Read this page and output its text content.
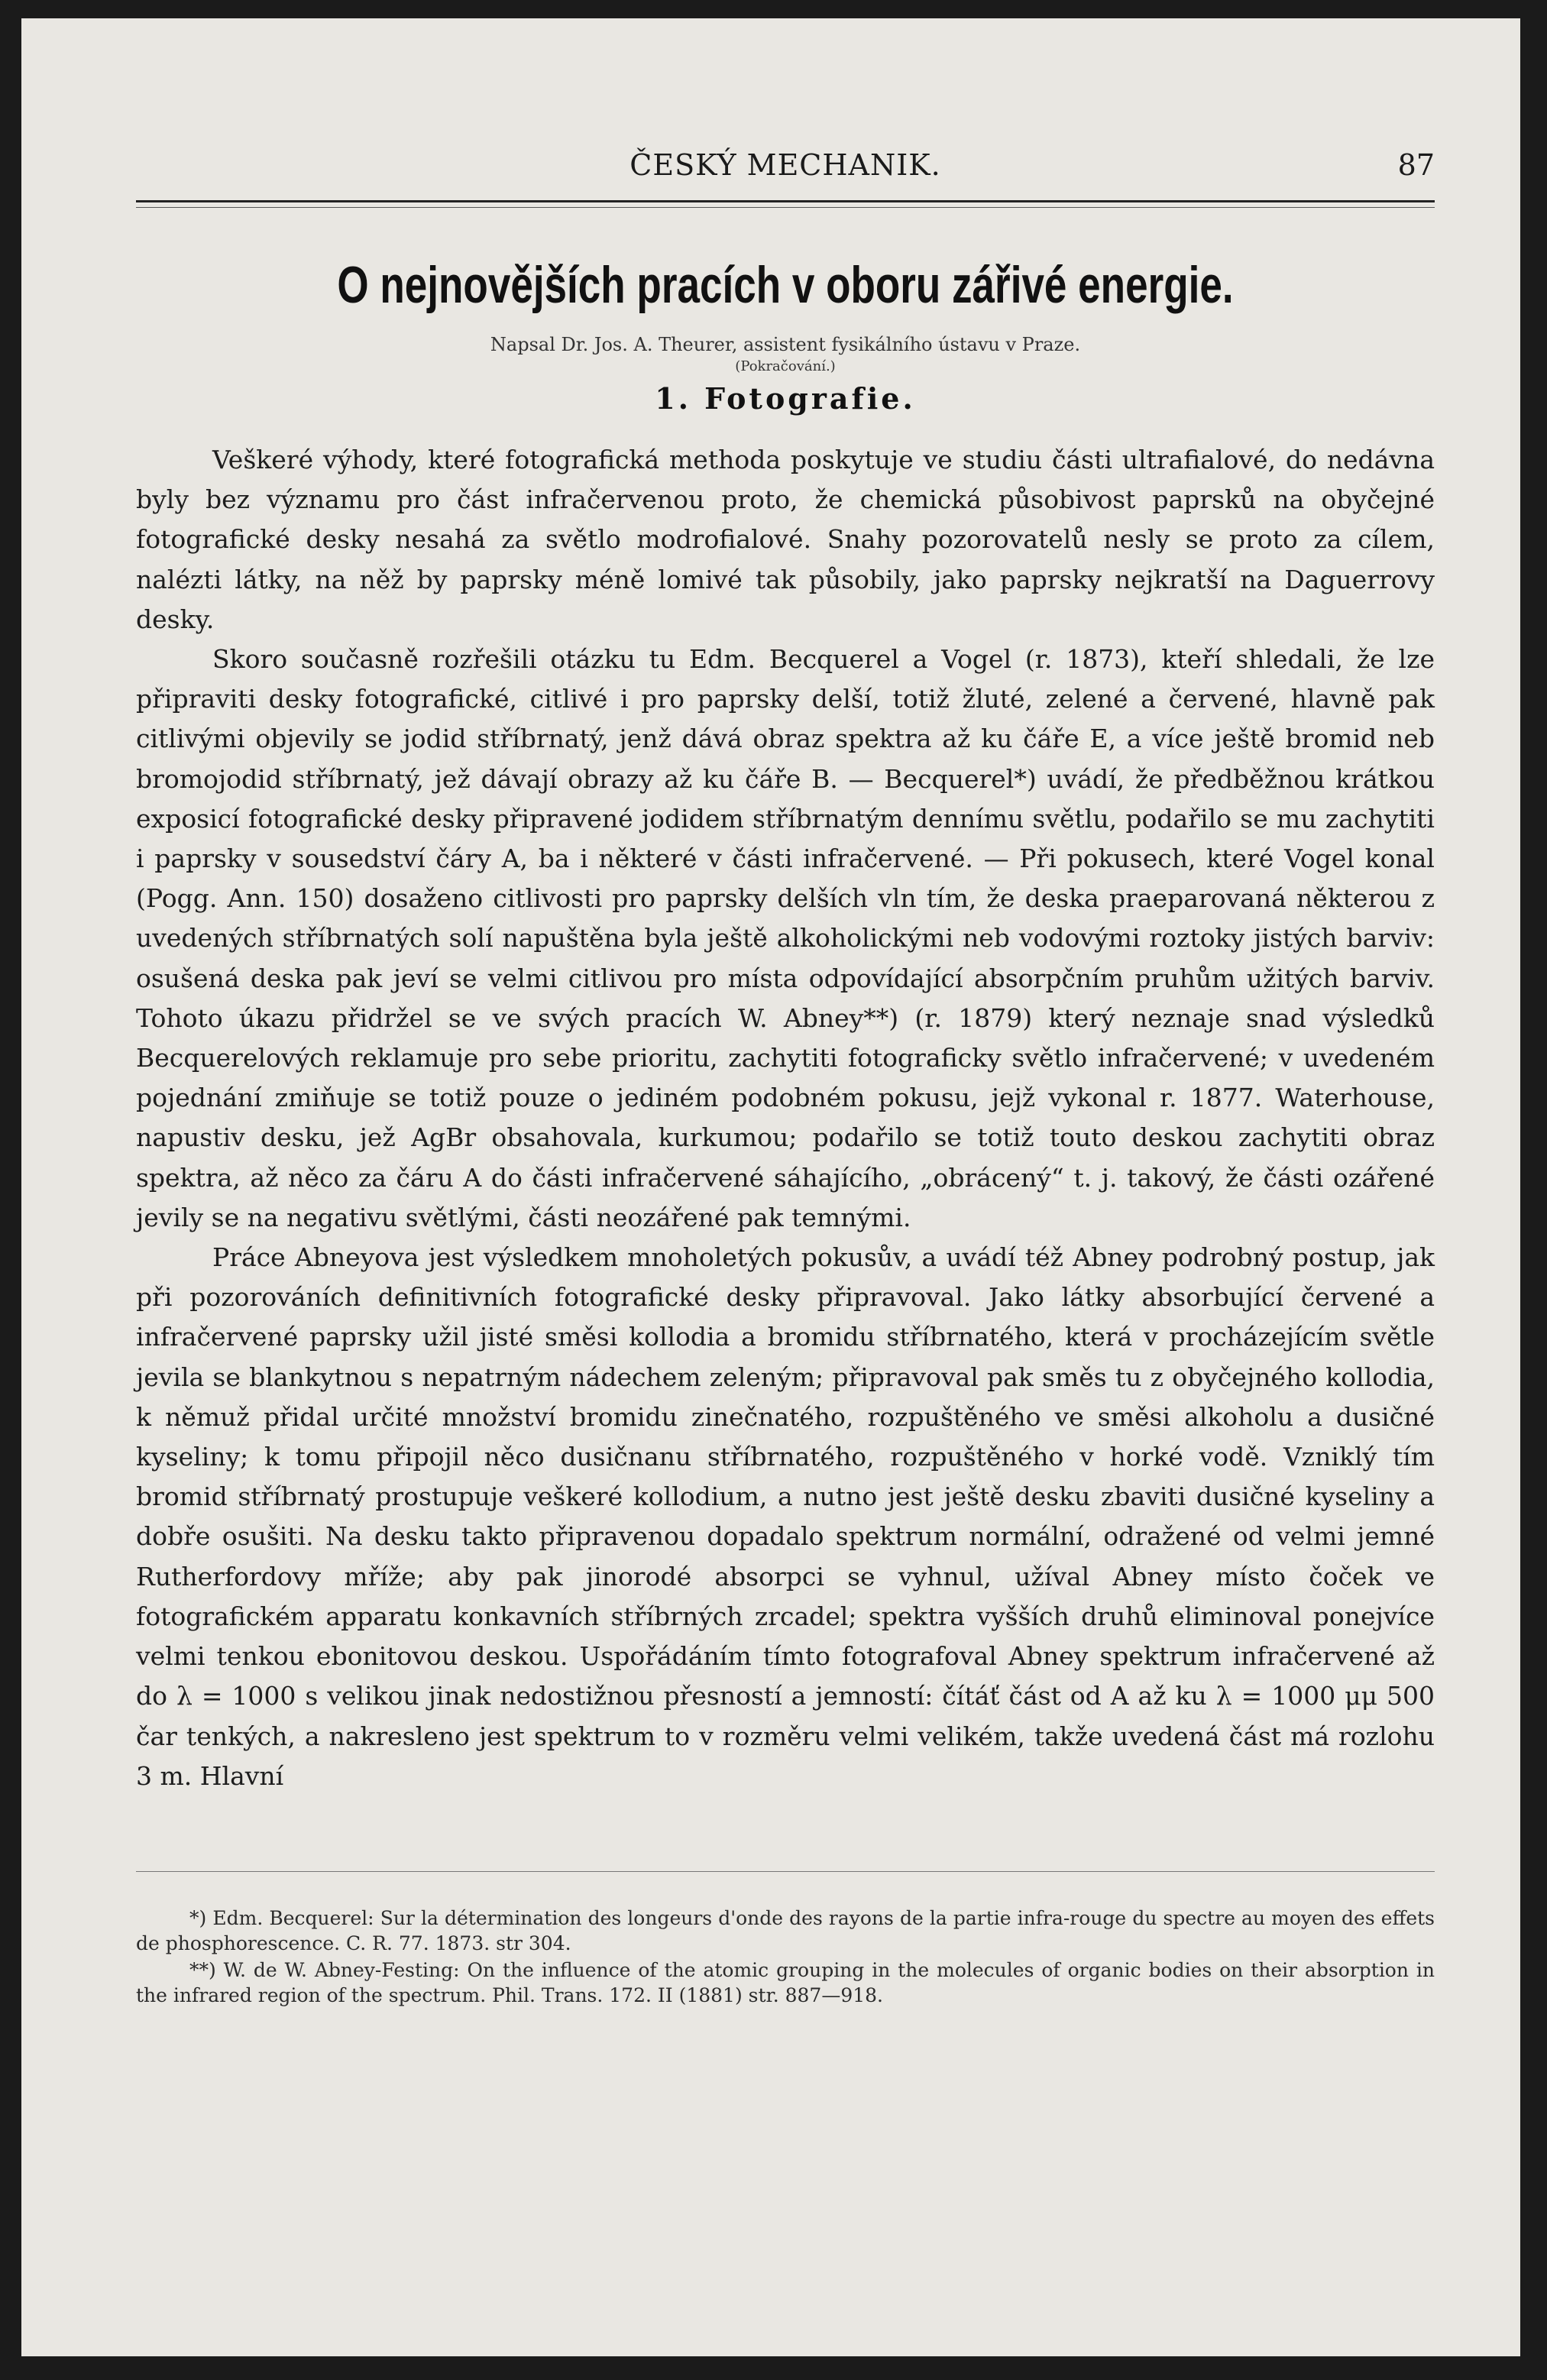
ČESKÝ MECHANIK.	87
O nejnovějších pracích v oboru zářivé energie.
Napsal Dr. Jos. A. Theurer, assistent fysikálního ústavu v Praze.
(Pokračování.)
1. Fotografie.

Veškeré výhody, které fotografická methoda poskytuje ve studiu části ultrafialové, do nedávna byly bez významu pro část infračervenou proto, že chemická působivost paprsků na obyčejné fotografické desky nesahá za světlo modrofialové. Snahy pozorovatelů nesly se proto za cílem, nalézti látky, na něž by paprsky méně lomivé tak působily, jako paprsky nejkratší na Daguerrovy desky.

Skoro současně rozřešili otázku tu Edm. Becquerel a Vogel (r. 1873), kteří shledali, že lze připraviti desky fotografické, citlivé i pro paprsky delší, totiž žluté, zelené a červené, hlavně pak citlivými objevily se jodid stříbrnatý, jenž dává obraz spektra až ku čáře E, a více ještě bromid neb bromojodid stříbrnatý, jež dávají obrazy až ku čáře B. — Becquerel*) uvádí, že předběžnou krátkou exposicí fotografické desky připravené jodidem stříbrnatým dennímu světlu, podařilo se mu zachytiti i paprsky v sousedství čáry A, ba i některé v části infračervené. — Při pokusech, které Vogel konal (Pogg. Ann. 150) dosaženo citlivosti pro paprsky delších vln tím, že deska praeparovaná některou z uvedených stříbrnatých solí napuštěna byla ještě alkoholickými neb vodovými roztoky jistých barviv: osušená deska pak jeví se velmi citlivou pro místa odpovídající absorpčním pruhům užitých barviv. Tohoto úkazu přidržel se ve svých pracích W. Abney**) (r. 1879) který neznaje snad výsledků Becquerelových reklamuje pro sebe prioritu, zachytiti fotograficky světlo infračervené; v uvedeném pojednání zmiňuje se totiž pouze o jediném podobném pokusu, jejž vykonal r. 1877. Waterhouse, napustiv desku, jež AgBr obsahovala, kurkumou; podařilo se totiž touto deskou zachytiti obraz spektra, až něco za čáru A do části infračervené sáhajícího, „obrácený“ t. j. takový, že části ozářené jevily se na negativu světlými, části neozářené pak temnými.

Práce Abneyova jest výsledkem mnoholetých pokusův, a uvádí též Abney podrobný postup, jak při pozorováních definitivních fotografické desky připravoval. Jako látky absorbující červené a infračervené paprsky užil jisté směsi kollodia a bromidu stříbrnatého, která v procházejícím světle jevila se blankytnou s nepatrným nádechem zeleným; připravoval pak směs tu z obyčejného kollodia, k němuž přidal určité množství bromidu zinečnatého, rozpuštěného ve směsi alkoholu a dusičné kyseliny; k tomu připojil něco dusičnanu stříbrnatého, rozpuštěného v horké vodě. Vzniklý tím bromid stříbrnatý prostupuje veškeré kollodium, a nutno jest ještě desku zbaviti dusičné kyseliny a dobře osušiti. Na desku takto připravenou dopadalo spektrum normální, odražené od velmi jemné Rutherfordovy mříže; aby pak jinorodé absorpci se vyhnul, užíval Abney místo čoček ve fotografickém apparatu konkavních stříbrných zrcadel; spektra vyšších druhů eliminoval ponejvíce velmi tenkou ebonitovou deskou. Uspořádáním tímto fotografoval Abney spektrum infračervené až do λ = 1000 s velikou jinak nedostižnou přesností a jemností: čítáť část od A až ku λ = 1000 μμ 500 čar tenkých, a nakresleno jest spektrum to v rozměru velmi velikém, takže uvedená část má rozlohu 3 m. Hlavní

*) Edm. Becquerel: Sur la détermination des longeurs d'onde des rayons de la partie infra-rouge du spectre au moyen des effets de phosphorescence. C. R. 77. 1873. str 304.

**) W. de W. Abney-Festing: On the influence of the atomic grouping in the molecules of organic bodies on their absorption in the infrared region of the spectrum. Phil. Trans. 172. II (1881) str. 887—918.
